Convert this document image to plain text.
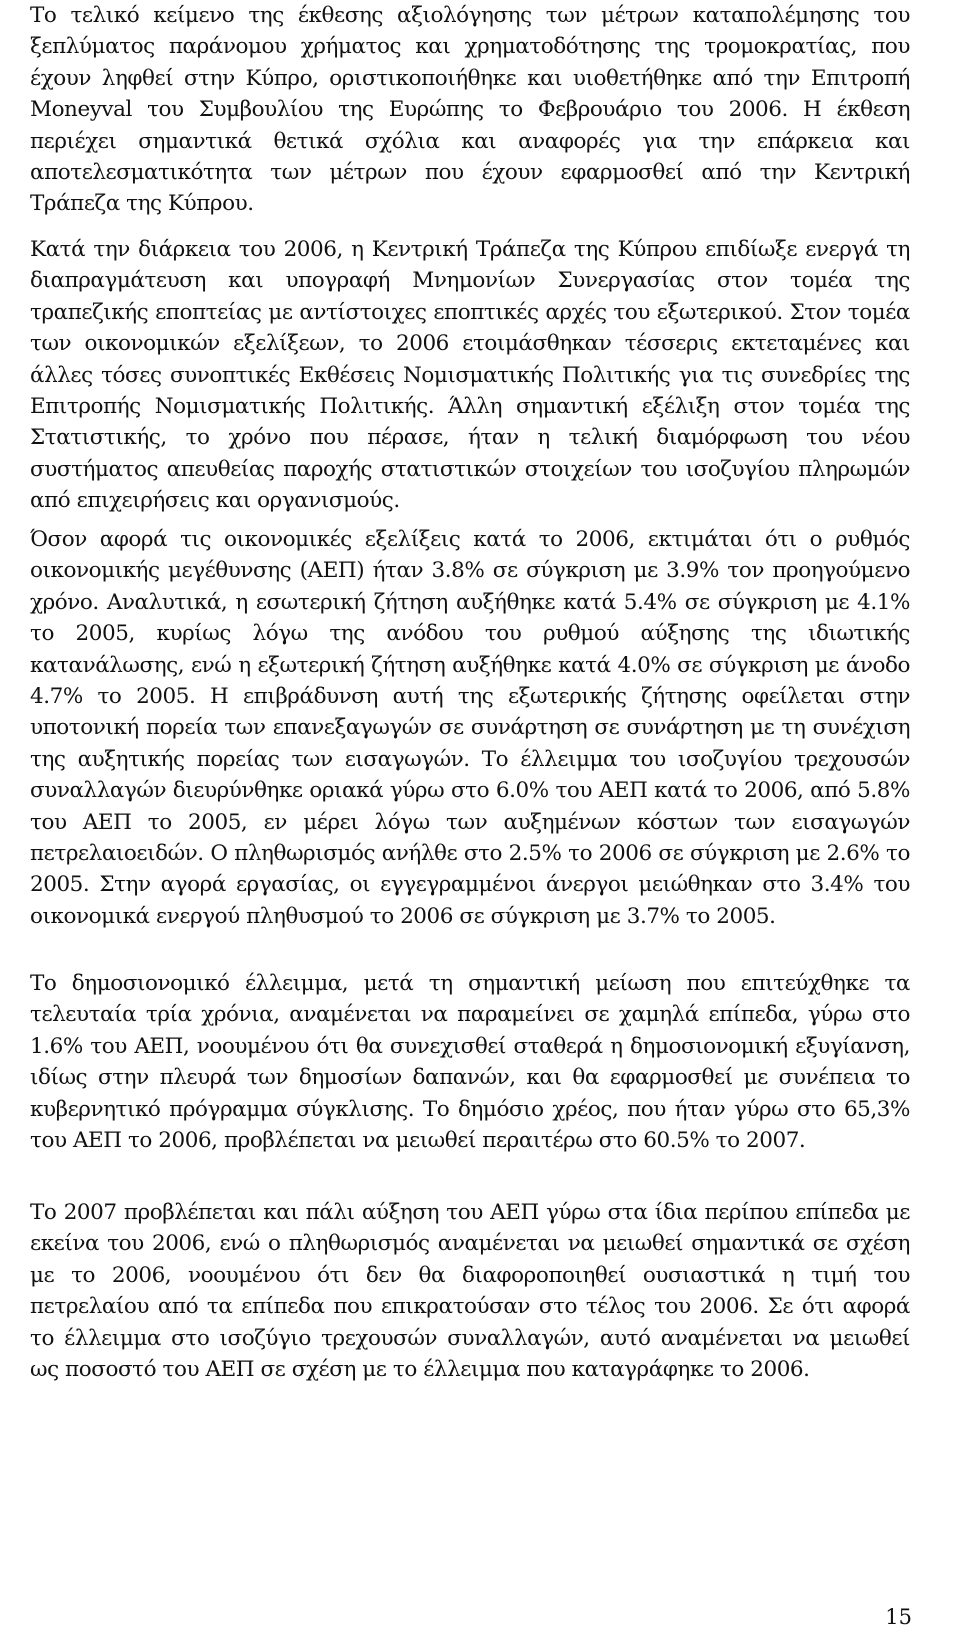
Το τελικό κείμενο της έκθεσης αξιολόγησης των μέτρων καταπολέμησης του ξεπλύματος παράνομου χρήματος και χρηματοδότησης της τρομοκρατίας, που έχουν ληφθεί στην Κύπρο, οριστικοποιήθηκε και υιοθετήθηκε από την Επιτροπή Moneyval του Συμβουλίου της Ευρώπης το Φεβρουάριο του 2006. Η έκθεση περιέχει σημαντικά θετικά σχόλια και αναφορές για την επάρκεια και αποτελεσματικότητα των μέτρων που έχουν εφαρμοσθεί από την Κεντρική Τράπεζα της Κύπρου.

Κατά την διάρκεια του 2006, η Κεντρική Τράπεζα της Κύπρου επιδίωξε ενεργά τη διαπραγμάτευση και υπογραφή Μνημονίων Συνεργασίας στον τομέα της τραπεζικής εποπτείας με αντίστοιχες εποπτικές αρχές του εξωτερικού. Στον τομέα των οικονομικών εξελίξεων, το 2006 ετοιμάσθηκαν τέσσερις εκτεταμένες και άλλες τόσες συνοπτικές Εκθέσεις Νομισματικής Πολιτικής για τις συνεδρίες της Επιτροπής Νομισματικής Πολιτικής. Άλλη σημαντική εξέλιξη στον τομέα της Στατιστικής, το χρόνο που πέρασε, ήταν η τελική διαμόρφωση του νέου συστήματος απευθείας παροχής στατιστικών στοιχείων του ισοζυγίου πληρωμών από επιχειρήσεις και οργανισμούς.

Όσον αφορά τις οικονομικές εξελίξεις κατά το 2006, εκτιμάται ότι ο ρυθμός οικονομικής μεγέθυνσης (ΑΕΠ) ήταν 3.8% σε σύγκριση με 3.9% τον προηγούμενο χρόνο. Αναλυτικά, η εσωτερική ζήτηση αυξήθηκε κατά 5.4% σε σύγκριση με 4.1% το 2005, κυρίως λόγω της ανόδου του ρυθμού αύξησης της ιδιωτικής κατανάλωσης, ενώ η εξωτερική ζήτηση αυξήθηκε κατά 4.0% σε σύγκριση με άνοδο 4.7% το 2005. Η επιβράδυνση αυτή της εξωτερικής ζήτησης οφείλεται στην υποτονική πορεία των επανεξαγωγών σε συνάρτηση σε συνάρτηση με τη συνέχιση της αυξητικής πορείας των εισαγωγών. Το έλλειμμα του ισοζυγίου τρεχουσών συναλλαγών διευρύνθηκε οριακά γύρω στο 6.0% του ΑΕΠ κατά το 2006, από 5.8% του ΑΕΠ το 2005, εν μέρει λόγω των αυξημένων κόστων των εισαγωγών πετρελαιοειδών. Ο πληθωρισμός ανήλθε στο 2.5% το 2006 σε σύγκριση με 2.6% το 2005. Στην αγορά εργασίας, οι εγγεγραμμένοι άνεργοι μειώθηκαν στο 3.4% του οικονομικά ενεργού πληθυσμού το 2006 σε σύγκριση με 3.7% το 2005.

Το δημοσιονομικό έλλειμμα, μετά τη σημαντική μείωση που επιτεύχθηκε τα τελευταία τρία χρόνια, αναμένεται να παραμείνει σε χαμηλά επίπεδα, γύρω στο 1.6% του ΑΕΠ, νοουμένου ότι θα συνεχισθεί σταθερά η δημοσιονομική εξυγίανση, ιδίως στην πλευρά των δημοσίων δαπανών, και θα εφαρμοσθεί με συνέπεια το κυβερνητικό πρόγραμμα σύγκλισης. Το δημόσιο χρέος, που ήταν γύρω στο 65,3% του ΑΕΠ το 2006, προβλέπεται να μειωθεί περαιτέρω στο 60.5% το 2007.

Το 2007 προβλέπεται και πάλι αύξηση του ΑΕΠ γύρω στα ίδια περίπου επίπεδα με εκείνα του 2006, ενώ ο πληθωρισμός αναμένεται να μειωθεί σημαντικά σε σχέση με το 2006, νοουμένου ότι δεν θα διαφοροποιηθεί ουσιαστικά η τιμή του πετρελαίου από τα επίπεδα που επικρατούσαν στο τέλος του 2006. Σε ότι αφορά το έλλειμμα στο ισοζύγιο τρεχουσών συναλλαγών, αυτό αναμένεται να μειωθεί ως ποσοστό του ΑΕΠ σε σχέση με το έλλειμμα που καταγράφηκε το 2006.

15
